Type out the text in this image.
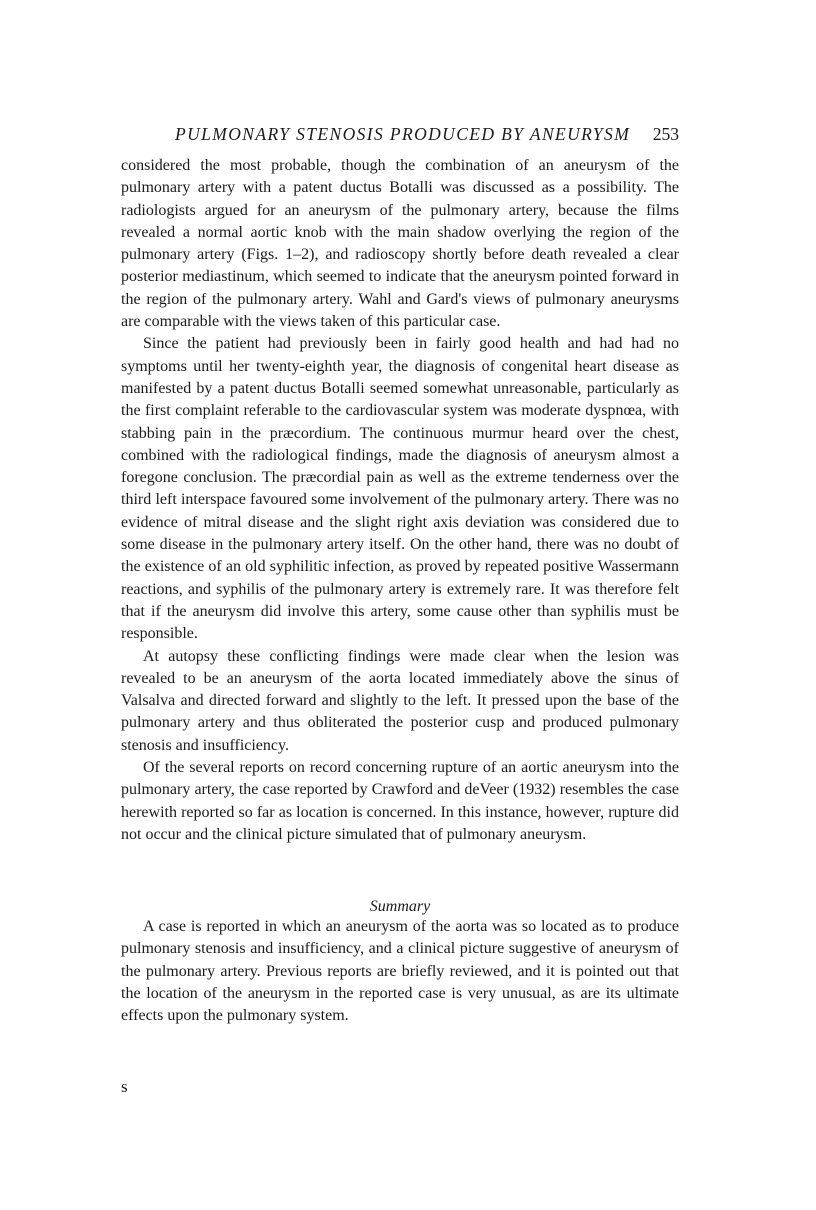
PULMONARY STENOSIS PRODUCED BY ANEURYSM 253

considered the most probable, though the combination of an aneurysm of the pulmonary artery with a patent ductus Botalli was discussed as a possibility. The radiologists argued for an aneurysm of the pulmonary artery, because the films revealed a normal aortic knob with the main shadow overlying the region of the pulmonary artery (Figs. 1–2), and radioscopy shortly before death revealed a clear posterior mediastinum, which seemed to indicate that the aneurysm pointed forward in the region of the pulmonary artery. Wahl and Gard's views of pulmonary aneurysms are comparable with the views taken of this particular case.

Since the patient had previously been in fairly good health and had had no symptoms until her twenty-eighth year, the diagnosis of congenital heart disease as manifested by a patent ductus Botalli seemed somewhat unreasonable, particularly as the first complaint referable to the cardiovascular system was moderate dyspnœa, with stabbing pain in the præcordium. The continuous murmur heard over the chest, combined with the radiological findings, made the diagnosis of aneurysm almost a foregone conclusion. The præcordial pain as well as the extreme tenderness over the third left interspace favoured some involvement of the pulmonary artery. There was no evidence of mitral disease and the slight right axis deviation was considered due to some disease in the pulmonary artery itself. On the other hand, there was no doubt of the existence of an old syphilitic infection, as proved by repeated positive Wassermann reactions, and syphilis of the pulmonary artery is extremely rare. It was therefore felt that if the aneurysm did involve this artery, some cause other than syphilis must be responsible.

At autopsy these conflicting findings were made clear when the lesion was revealed to be an aneurysm of the aorta located immediately above the sinus of Valsalva and directed forward and slightly to the left. It pressed upon the base of the pulmonary artery and thus obliterated the posterior cusp and produced pulmonary stenosis and insufficiency.

Of the several reports on record concerning rupture of an aortic aneurysm into the pulmonary artery, the case reported by Crawford and deVeer (1932) resembles the case herewith reported so far as location is concerned. In this instance, however, rupture did not occur and the clinical picture simulated that of pulmonary aneurysm.

Summary

A case is reported in which an aneurysm of the aorta was so located as to produce pulmonary stenosis and insufficiency, and a clinical picture suggestive of aneurysm of the pulmonary artery. Previous reports are briefly reviewed, and it is pointed out that the location of the aneurysm in the reported case is very unusual, as are its ultimate effects upon the pulmonary system.

s
